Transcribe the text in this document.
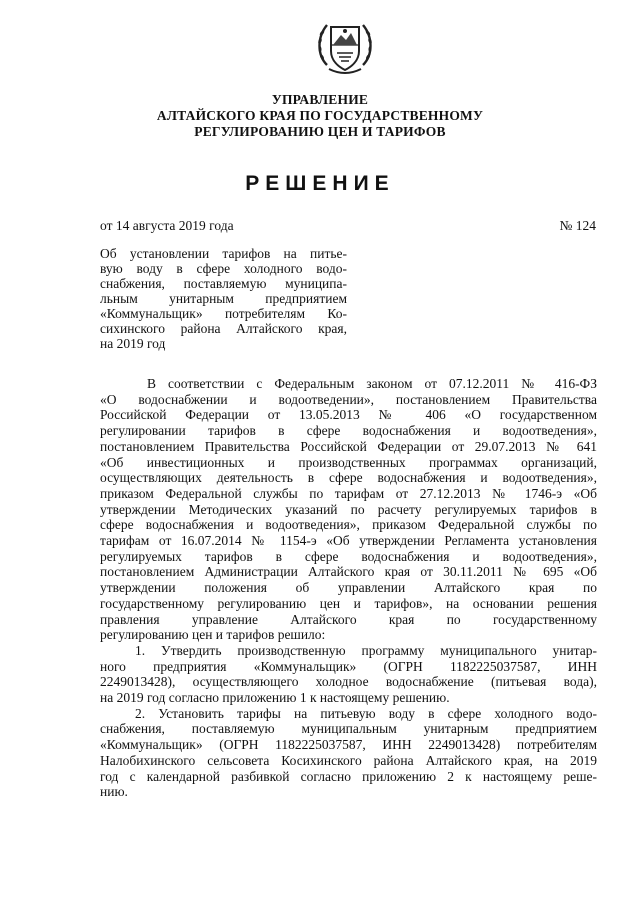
УПРАВЛЕНИЕ
АЛТАЙСКОГО КРАЯ ПО ГОСУДАРСТВЕННОМУ
РЕГУЛИРОВАНИЮ ЦЕН И ТАРИФОВ
РЕШЕНИЕ
от 14 августа 2019 года	№ 124
Об установлении тарифов на питье-
вую воду в сфере холодного водо-
снабжения, поставляемую муниципа-
льным унитарным предприятием
«Коммунальщик» потребителям Ко-
сихинского района Алтайского края,
на 2019 год
В соответствии с Федеральным законом от 07.12.2011 № 416-ФЗ
«О водоснабжении и водоотведении», постановлением Правительства
Российской Федерации от 13.05.2013 № 406 «О государственном
регулировании тарифов в сфере водоснабжения и водоотведения»,
постановлением Правительства Российской Федерации от 29.07.2013 № 641
«Об инвестиционных и производственных программах организаций,
осуществляющих деятельность в сфере водоснабжения и водоотведения»,
приказом Федеральной службы по тарифам от 27.12.2013 № 1746-э «Об
утверждении Методических указаний по расчету регулируемых тарифов в
сфере водоснабжения и водоотведения», приказом Федеральной службы по
тарифам от 16.07.2014 № 1154-э «Об утверждении Регламента установления
регулируемых тарифов в сфере водоснабжения и водоотведения»,
постановлением Администрации Алтайского края от 30.11.2011 № 695 «Об
утверждении положения об управлении Алтайского края по
государственному регулированию цен и тарифов», на основании решения
правления управление Алтайского края по государственному
регулированию цен и тарифов решило:
1. Утвердить производственную программу муниципального унитар-
ного предприятия «Коммунальщик» (ОГРН 1182225037587, ИНН
2249013428), осуществляющего холодное водоснабжение (питьевая вода),
на 2019 год согласно приложению 1 к настоящему решению.
2. Установить тарифы на питьевую воду в сфере холодного водо-
снабжения, поставляемую муниципальным унитарным предприятием
«Коммунальщик» (ОГРН 1182225037587, ИНН 2249013428) потребителям
Налобихинского сельсовета Косихинского района Алтайского края, на 2019
год с календарной разбивкой согласно приложению 2 к настоящему реше-
нию.
